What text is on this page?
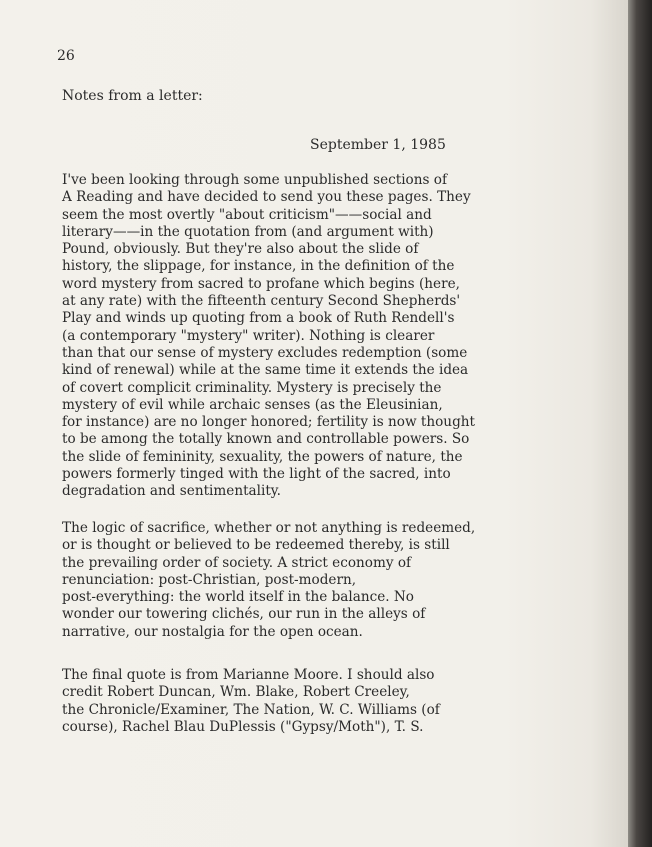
26

Notes from a letter:

September 1, 1985

I've been looking through some unpublished sections of
A Reading and have decided to send you these pages. They
seem the most overtly "about criticism"——social and
literary——in the quotation from (and argument with)
Pound, obviously. But they're also about the slide of
history, the slippage, for instance, in the definition of the
word mystery from sacred to profane which begins (here,
at any rate) with the fifteenth century Second Shepherds'
Play and winds up quoting from a book of Ruth Rendell's
(a contemporary "mystery" writer). Nothing is clearer
than that our sense of mystery excludes redemption (some
kind of renewal) while at the same time it extends the idea
of covert complicit criminality. Mystery is precisely the
mystery of evil while archaic senses (as the Eleusinian,
for instance) are no longer honored; fertility is now thought
to be among the totally known and controllable powers. So
the slide of femininity, sexuality, the powers of nature, the
powers formerly tinged with the light of the sacred, into
degradation and sentimentality.
The logic of sacrifice, whether or not anything is redeemed,
or is thought or believed to be redeemed thereby, is still
the prevailing order of society. A strict economy of
renunciation: post-Christian, post-modern,
post-everything: the world itself in the balance. No
wonder our towering clichés, our run in the alleys of
narrative, our nostalgia for the open ocean.
The final quote is from Marianne Moore. I should also
credit Robert Duncan, Wm. Blake, Robert Creeley,
the Chronicle/Examiner, The Nation, W. C. Williams (of
course), Rachel Blau DuPlessis ("Gypsy/Moth"), T. S.
